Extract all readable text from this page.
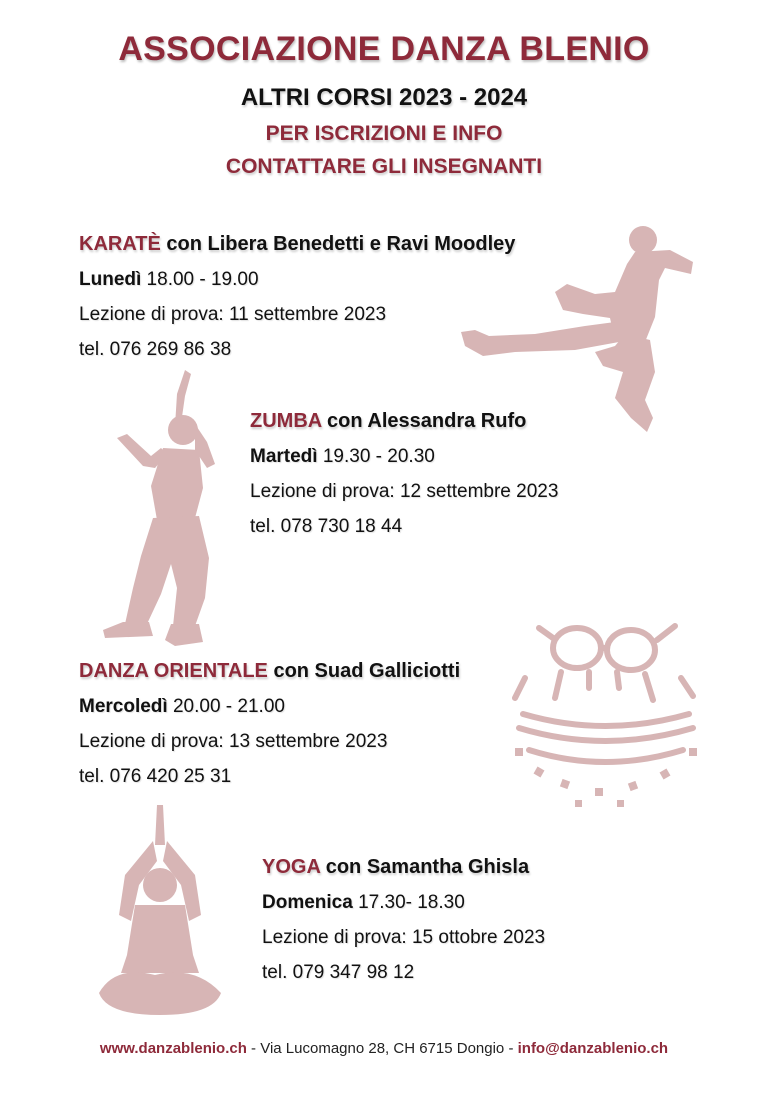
ASSOCIAZIONE DANZA BLENIO
ALTRI CORSI 2023 - 2024
PER ISCRIZIONI E INFO
CONTATTARE GLI INSEGNANTI
KARATÈ con Libera Benedetti e Ravi Moodley
Lunedì 18.00 - 19.00
Lezione di prova: 11 settembre 2023
tel. 076 269 86 38
ZUMBA con Alessandra Rufo
Martedì 19.30 - 20.30
Lezione di prova: 12 settembre 2023
tel. 078 730 18 44
DANZA ORIENTALE con Suad Galliciotti
Mercoledì 20.00 - 21.00
Lezione di prova: 13 settembre 2023
tel. 076 420 25 31
YOGA con Samantha Ghisla
Domenica 17.30- 18.30
Lezione di prova: 15 ottobre 2023
tel. 079 347 98 12
www.danzablenio.ch - Via Lucomagno 28, CH 6715 Dongio - info@danzablenio.ch
